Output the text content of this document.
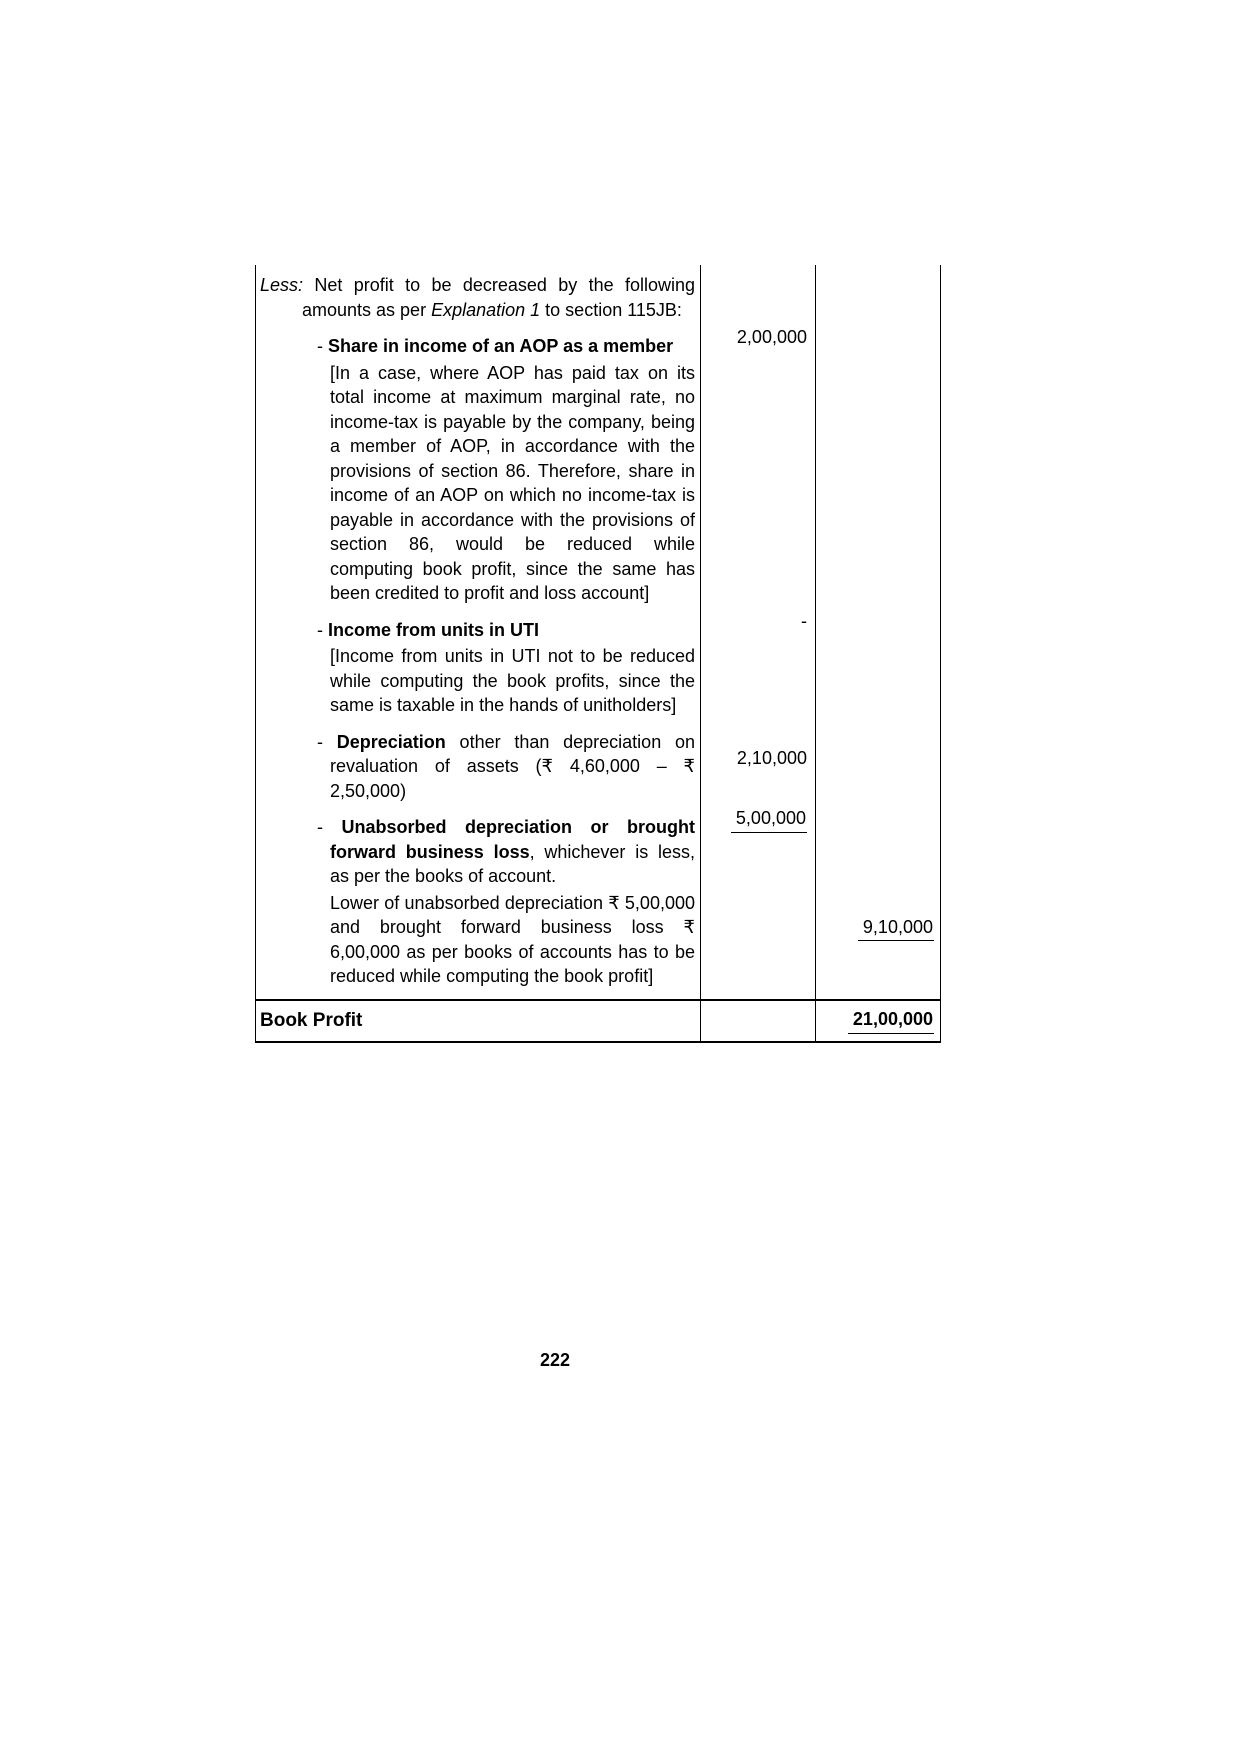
Less: Net profit to be decreased by the following amounts as per Explanation 1 to section 115JB:

- Share in income of an AOP as a member

[In a case, where AOP has paid tax on its total income at maximum marginal rate, no income-tax is payable by the company, being a member of AOP, in accordance with the provisions of section 86. Therefore, share in income of an AOP on which no income-tax is payable in accordance with the provisions of section 86, would be reduced while computing book profit, since the same has been credited to profit and loss account]

2,00,000

- Income from units in UTI

[Income from units in UTI not to be reduced while computing the book profits, since the same is taxable in the hands of unitholders]

-

- Depreciation other than depreciation on revaluation of assets (₹ 4,60,000 – ₹ 2,50,000)

2,10,000

- Unabsorbed depreciation or brought forward business loss, whichever is less, as per the books of account.

5,00,000

Lower of unabsorbed depreciation ₹ 5,00,000 and brought forward business loss ₹ 6,00,000 as per books of accounts has to be reduced while computing the book profit]

9,10,000
Book Profit	21,00,000
222
